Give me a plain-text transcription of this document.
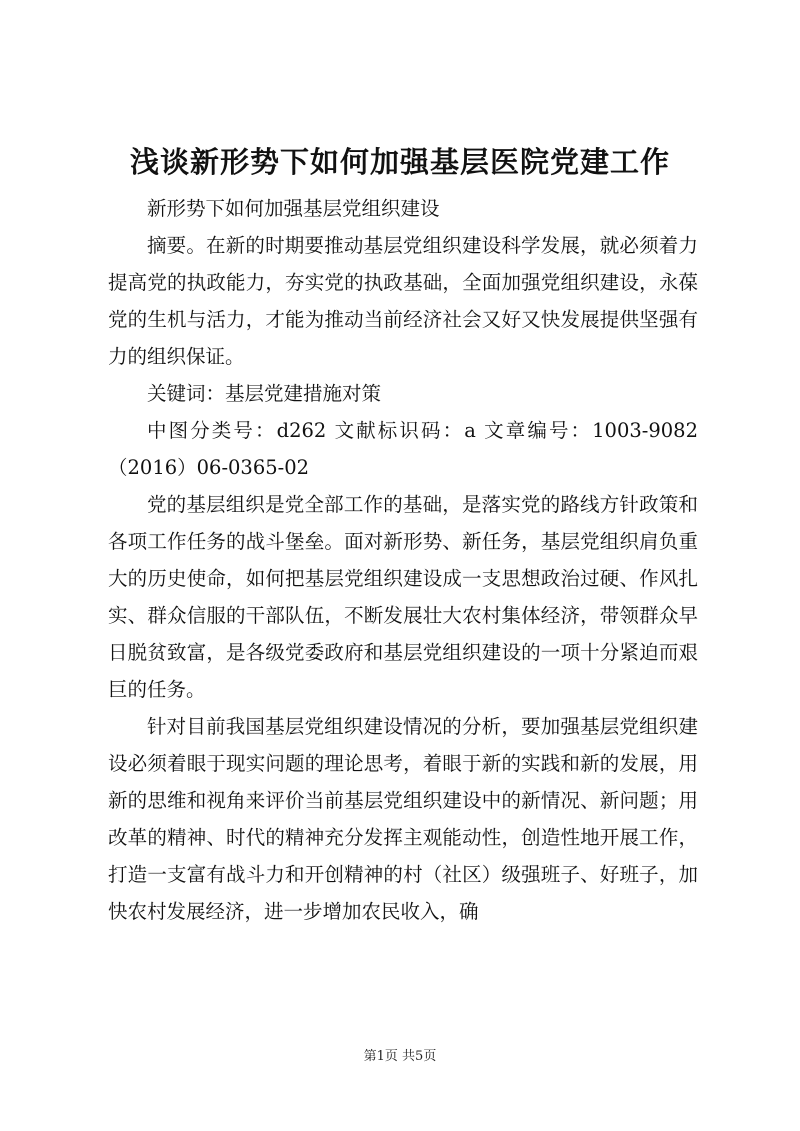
浅谈新形势下如何加强基层医院党建工作

新形势下如何加强基层党组织建设

摘要。在新的时期要推动基层党组织建设科学发展，就必须着力提高党的执政能力，夯实党的执政基础，全面加强党组织建设，永葆党的生机与活力，才能为推动当前经济社会又好又快发展提供坚强有力的组织保证。

关键词：基层党建措施对策

中图分类号：d262 文献标识码：a 文章编号：1003-9082（2016）06-0365-02

党的基层组织是党全部工作的基础，是落实党的路线方针政策和各项工作任务的战斗堡垒。面对新形势、新任务，基层党组织肩负重大的历史使命，如何把基层党组织建设成一支思想政治过硬、作风扎实、群众信服的干部队伍，不断发展壮大农村集体经济，带领群众早日脱贫致富，是各级党委政府和基层党组织建设的一项十分紧迫而艰巨的任务。

针对目前我国基层党组织建设情况的分析，要加强基层党组织建设必须着眼于现实问题的理论思考，着眼于新的实践和新的发展，用新的思维和视角来评价当前基层党组织建设中的新情况、新问题；用改革的精神、时代的精神充分发挥主观能动性，创造性地开展工作，打造一支富有战斗力和开创精神的村（社区）级强班子、好班子，加快农村发展经济，进一步增加农民收入，确

第1页 共5页
